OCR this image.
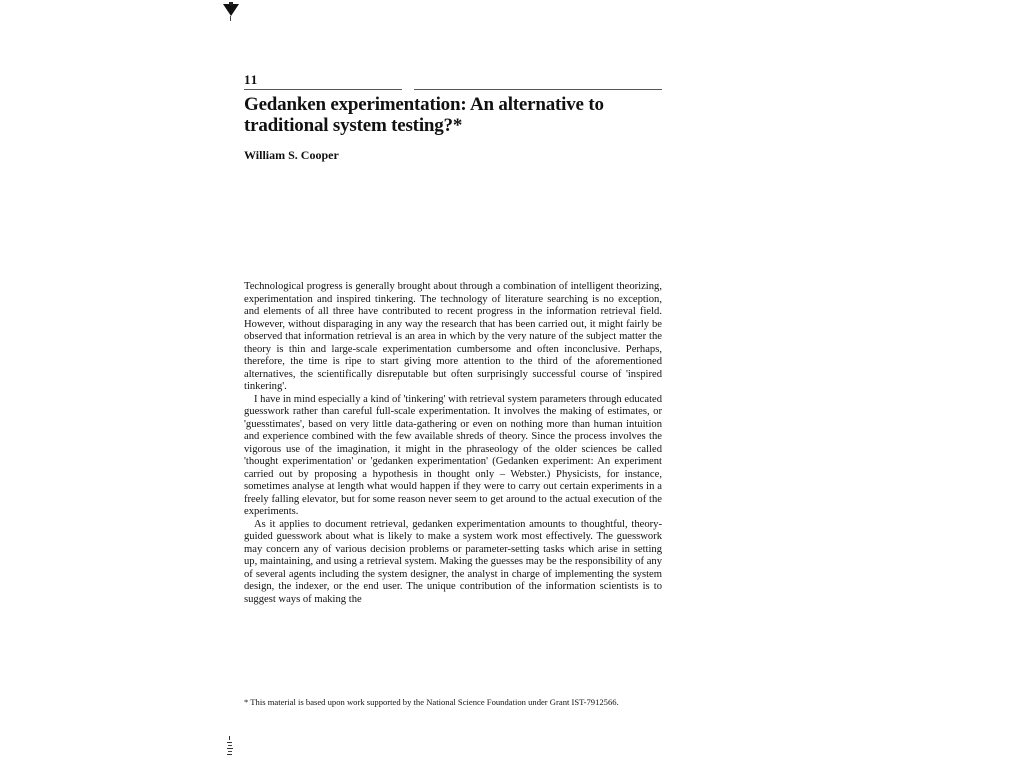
11
Gedanken experimentation: An alternative to traditional system testing?*
William S. Cooper

Technological progress is generally brought about through a combination of intelligent theorizing, experimentation and inspired tinkering. The technology of literature searching is no exception, and elements of all three have contributed to recent progress in the information retrieval field. However, without disparaging in any way the research that has been carried out, it might fairly be observed that information retrieval is an area in which by the very nature of the subject matter the theory is thin and large-scale experimentation cumbersome and often inconclusive. Perhaps, therefore, the time is ripe to start giving more attention to the third of the aforementioned alternatives, the scientifically disreputable but often surprisingly successful course of 'inspired tinkering'.

I have in mind especially a kind of 'tinkering' with retrieval system parameters through educated guesswork rather than careful full-scale experimentation. It involves the making of estimates, or 'guesstimates', based on very little data-gathering or even on nothing more than human intuition and experience combined with the few available shreds of theory. Since the process involves the vigorous use of the imagination, it might in the phraseology of the older sciences be called 'thought experimentation' or 'gedanken experimentation' (Gedanken experiment: An experiment carried out by proposing a hypothesis in thought only – Webster.) Physicists, for instance, sometimes analyse at length what would happen if they were to carry out certain experiments in a freely falling elevator, but for some reason never seem to get around to the actual execution of the experiments.

As it applies to document retrieval, gedanken experimentation amounts to thoughtful, theory-guided guesswork about what is likely to make a system work most effectively. The guesswork may concern any of various decision problems or parameter-setting tasks which arise in setting up, maintaining, and using a retrieval system. Making the guesses may be the responsibility of any of several agents including the system designer, the analyst in charge of implementing the system design, the indexer, or the end user. The unique contribution of the information scientists is to suggest ways of making the

* This material is based upon work supported by the National Science Foundation under Grant IST-7912566.
